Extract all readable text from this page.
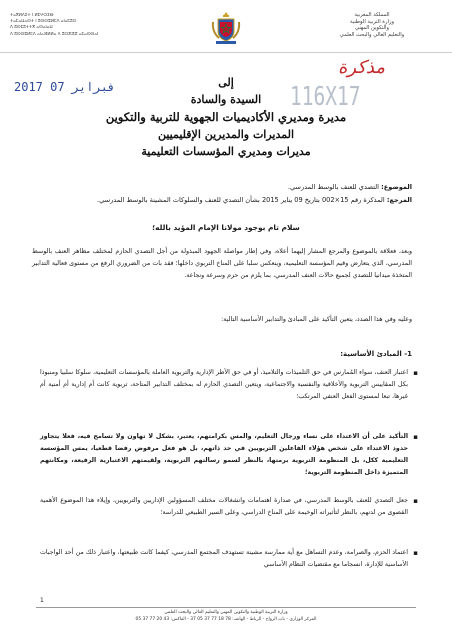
ⵜⴰⴳⵍⴷⵉⵜ ⵏ ⵍⵎⵖⵔⵉⴱ
ⵜⴰⵎⴰⵡⴰⵙⵜ ⵏ ⵓⵙⵙⴻⵍⵎⴷ ⴰⵏⴰⵎⵓⵔ
ⴷ ⵓⵙⵎⵓⵜⵜⴳ ⴰⵙⴰⵏⴰⵡ
ⴷ ⵓⵙⵙⴻⵍⵎⴷ ⴰⵏⴰⴼⵍⵍⴰ ⴷ ⵓⵔⵣⵣⵓ ⴰⵎⴰⵙⵙⴰⵏ
المملكة المغربية
وزارة التربية الوطنية
والتكوين المهني
والتعليم العالي والبحث العلمي
مذكرة
2017 فبراير 07	116X17
إلى
السيدة والسادة
مديرة ومديري الأكاديميات الجهوية للتربية والتكوين
المديرات والمديرين الإقليميين
مديرات ومديري المؤسسات التعليمية
الموضوع: التصدي للعنف بالوسط المدرسي.
المرجع: المذكرة رقم 15×002 بتاريخ 09 يناير 2015 بشأن التصدي للعنف والسلوكات المشينة بالوسط المدرسي.
سلام تام بوجود مولانا الإمام المؤيد بالله؛
وبعد، فعلاقة بالموضوع والمرجع المشار إليهما أعلاه، وفي إطار مواصلة الجهود المبذولة من أجل التصدي الحازم لمختلف مظاهر العنف بالوسط المدرسي، الذي يتعارض وقيم المؤسسة التعليمية، وينعكس سلبا على المناخ التربوي داخلها؛ فقد بات من الضروري الرفع من مستوى فعالية التدابير المتخذة ميدانيا للتصدي لجميع حالات العنف المدرسي، بما يلزم من حزم وسرعة ونجاعة.
وعليه وفي هذا الصدد، يتعين التأكيد على المبادئ والتدابير الأساسية التالية:
1- المبادئ الأساسية:
▪ اعتبار العنف، سواء المُمارس في حق التلميذات والتلاميذ، أو في حق الأطر الإدارية والتربوية العاملة بالمؤسسات التعليمية، سلوكا سلبيا ومنبوذا بكل المقاييس التربوية والأخلاقية والنفسية والاجتماعية، ويتعين التصدي الحازم له بمختلف التدابير المتاحة، تربوية كانت أم إدارية أم أمنية أم غيرها، تبعا لمستوى الفعل العنفي المرتكب؛
▪ التأكيد على أن الاعتداء على نساء ورجال التعليم، والمس بكرامتهم، يعتبر، بشكل لا تهاون ولا تسامح فيه، فعلا يتجاوز حدود الاعتداء على شخص هؤلاء الفاعلين التربويين في حد ذاتهم، بل هو فعل مرفوض رفضا قطعيا، يمس المؤسسة التعليمية ككل، بل المنظومة التربوية برمتها، بالنظر لسمو رسالتهم التربوية، ولقيمتهم الاعتبارية الرفيعة، ومكانتهم المتميزة داخل المنظومة التربوية؛
▪ جعل التصدي للعنف بالوسط المدرسي، في صدارة اهتمامات وانشغالات مختلف المسؤولين الإداريين والتربويين، وإيلاء هذا الموضوع الأهمية القصوى من لدنهم، بالنظر لتأثيراته الوخيمة على المناخ الدراسي، وعلى السير الطبيعي للدراسة؛
▪ اعتماد الحزم، والصرامة، وعدم التساهل مع أية ممارسة مشينة تستهدف المجتمع المدرسي، كيفما كانت طبيعتها، واعتبار ذلك من أحد الواجبات الأساسية للإدارة، انسجاما مع مقتضيات النظام الأساسي
1
وزارة التربية الوطنية والتكوين المهني والتعليم العالي والبحث العلمي
المركز الوزاري - باب الرواح - الرباط - الهاتف: 78 18 77 37 05 37 - الفاكس: 43 20 77 37 05
